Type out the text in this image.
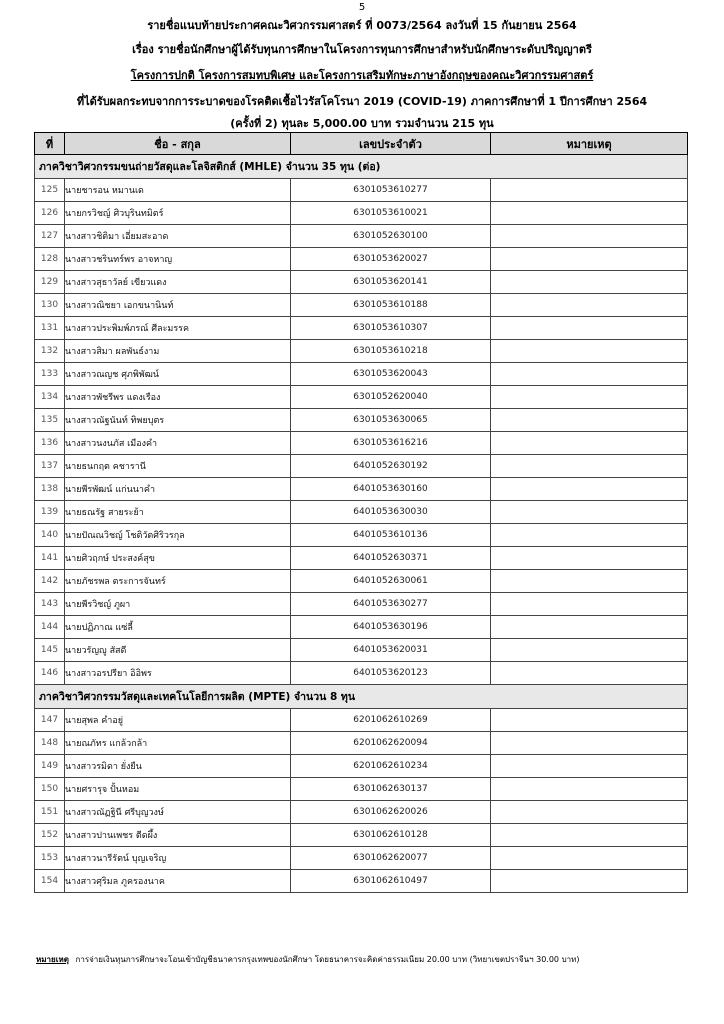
5
รายชื่อแนบท้ายประกาศคณะวิศวกรรมศาสตร์ ที่ 0073/2564 ลงวันที่ 15 กันยายน 2564
เรื่อง รายชื่อนักศึกษาผู้ได้รับทุนการศึกษาในโครงการทุนการศึกษาสำหรับนักศึกษาระดับปริญญาตรี
โครงการปกติ โครงการสมทบพิเศษ และโครงการเสริมทักษะภาษาอังกฤษของคณะวิศวกรรมศาสตร์
ที่ได้รับผลกระทบจากการระบาดของโรคติดเชื้อไวรัสโคโรนา 2019 (COVID-19) ภาคการศึกษาที่ 1 ปีการศึกษา 2564
(ครั้งที่ 2) ทุนละ 5,000.00 บาท รวมจำนวน 215 ทุน
ที่	ชื่อ - สกุล	เลขประจำตัว	หมายเหตุ
ภาควิชาวิศวกรรมขนถ่ายวัสดุและโลจิสติกส์ (MHLE) จำนวน 35 ทุน (ต่อ)			
125	นายชารอน หมานเด	6301053610277	
126	นายกรวิชญ์ ศิวบุรินทมิตร์	6301053610021	
127	นางสาวชิติมา เอี่ยมสะอาด	6301052630100	
128	นางสาวชรินทร์พร อาจหาญ	6301053620027	
129	นางสาวสุธาวัลย์ เขียวแดง	6301053620141	
130	นางสาวณิชยา เอกขนานินท์	6301053610188	
131	นางสาวประพิมพ์ภรณ์ ศีละมรรค	6301053610307	
132	นางสาวสิมา ผลพันธ์งาม	6301053610218	
133	นางสาวณญช ศุภพิพัฒน์	6301053620043	
134	นางสาวพัชรีพร แดงเรือง	6301052620040	
135	นางสาวณัฐนันท์ ทิพยบุตร	6301053630065	
136	นางสาวนงนภัส เมืองคำ	6301053616216	
137	นายธนกฤต คชารานี	6401052630192	
138	นายพีรพัฒน์ แก่นนาคำ	6401053630160	
139	นายธณรัฐ สายระย้า	6401053630030	
140	นายปัณณวิชญ์ โชติวัตศิริวรกุล	6401053610136	
141	นายศิวฤกษ์ ประสงค์สุข	6401052630371	
142	นายภัชรพล ตระการจันทร์	6401052630061	
143	นายพีรวิชญ์ ภูผา	6401053630277	
144	นายปฏิภาณ แซ่ลี้	6401053630196	
145	นายวรัญญู สัสดี	6401053620031	
146	นางสาวอรปรียา อิอิพร	6401053620123	
ภาควิชาวิศวกรรมวัสดุและเทคโนโลยีการผลิต (MPTE) จำนวน 8 ทุน			
147	นายสุพล คำอยู่	6201062610269	
148	นายณภัทร แกล้วกล้า	6201062620094	
149	นางสาวรมิดา ยั่งยืน	6201062610234	
150	นายศรารุจ ปั้นหอม	6301062630137	
151	นางสาวณัฏฐินี ศรีบุญวงษ์	6301062620026	
152	นางสาวปานเพชร ตีดผึ้ง	6301062610128	
153	นางสาวนารีรัตน์ บุญเจริญ	6301062620077	
154	นางสาวศุริมล ภูครองนาค	6301062610497	
หมายเหตุ การจ่ายเงินทุนการศึกษาจะโอนเข้าบัญชีธนาคารกรุงเทพของนักศึกษา โดยธนาคารจะคิดค่าธรรมเนียม 20.00 บาท (วิทยาเขตปราจีนฯ 30.00 บาท)
